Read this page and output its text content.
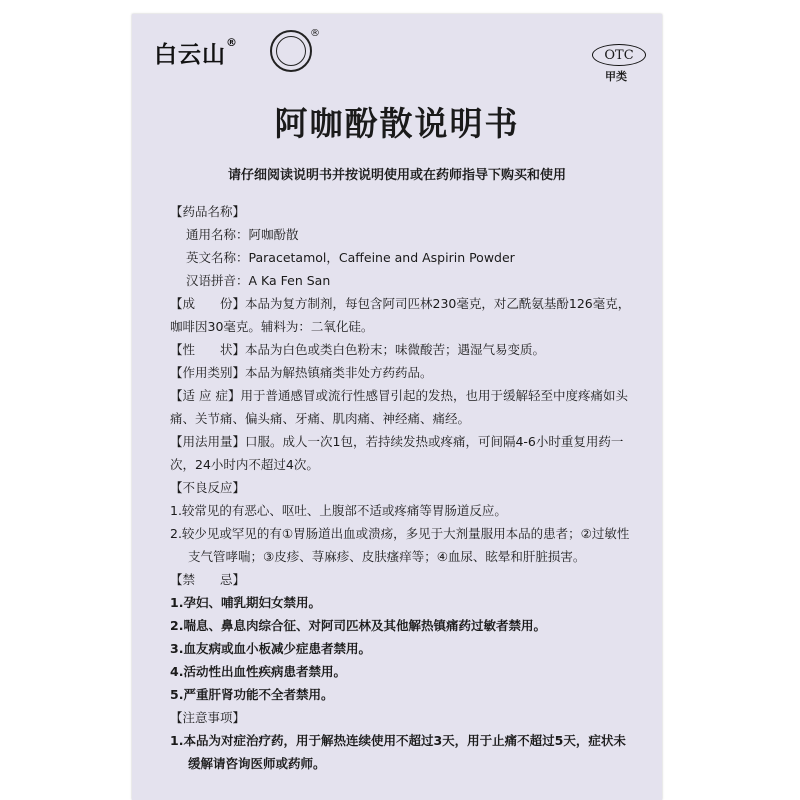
白云山®
®
OTC
甲类
阿咖酚散说明书
请仔细阅读说明书并按说明使用或在药师指导下购买和使用

【药品名称】

通用名称：阿咖酚散

英文名称：Paracetamol，Caffeine and Aspirin Powder

汉语拼音：A Ka Fen San

【成　　份】本品为复方制剂，每包含阿司匹林230毫克，对乙酰氨基酚126毫克，咖啡因30毫克。辅料为：二氧化硅。

【性　　状】本品为白色或类白色粉末；味微酸苦；遇湿气易变质。

【作用类别】本品为解热镇痛类非处方药药品。

【适 应 症】用于普通感冒或流行性感冒引起的发热，也用于缓解轻至中度疼痛如头痛、关节痛、偏头痛、牙痛、肌肉痛、神经痛、痛经。

【用法用量】口服。成人一次1包，若持续发热或疼痛，可间隔4-6小时重复用药一次，24小时内不超过4次。

【不良反应】

1.较常见的有恶心、呕吐、上腹部不适或疼痛等胃肠道反应。

2.较少见或罕见的有①胃肠道出血或溃疡，多见于大剂量服用本品的患者；②过敏性支气管哮喘；③皮疹、荨麻疹、皮肤瘙痒等；④血尿、眩晕和肝脏损害。

【禁　　忌】

1.孕妇、哺乳期妇女禁用。

2.喘息、鼻息肉综合征、对阿司匹林及其他解热镇痛药过敏者禁用。

3.血友病或血小板减少症患者禁用。

4.活动性出血性疾病患者禁用。

5.严重肝肾功能不全者禁用。

【注意事项】

1.本品为对症治疗药，用于解热连续使用不超过3天，用于止痛不超过5天，症状未缓解请咨询医师或药师。
